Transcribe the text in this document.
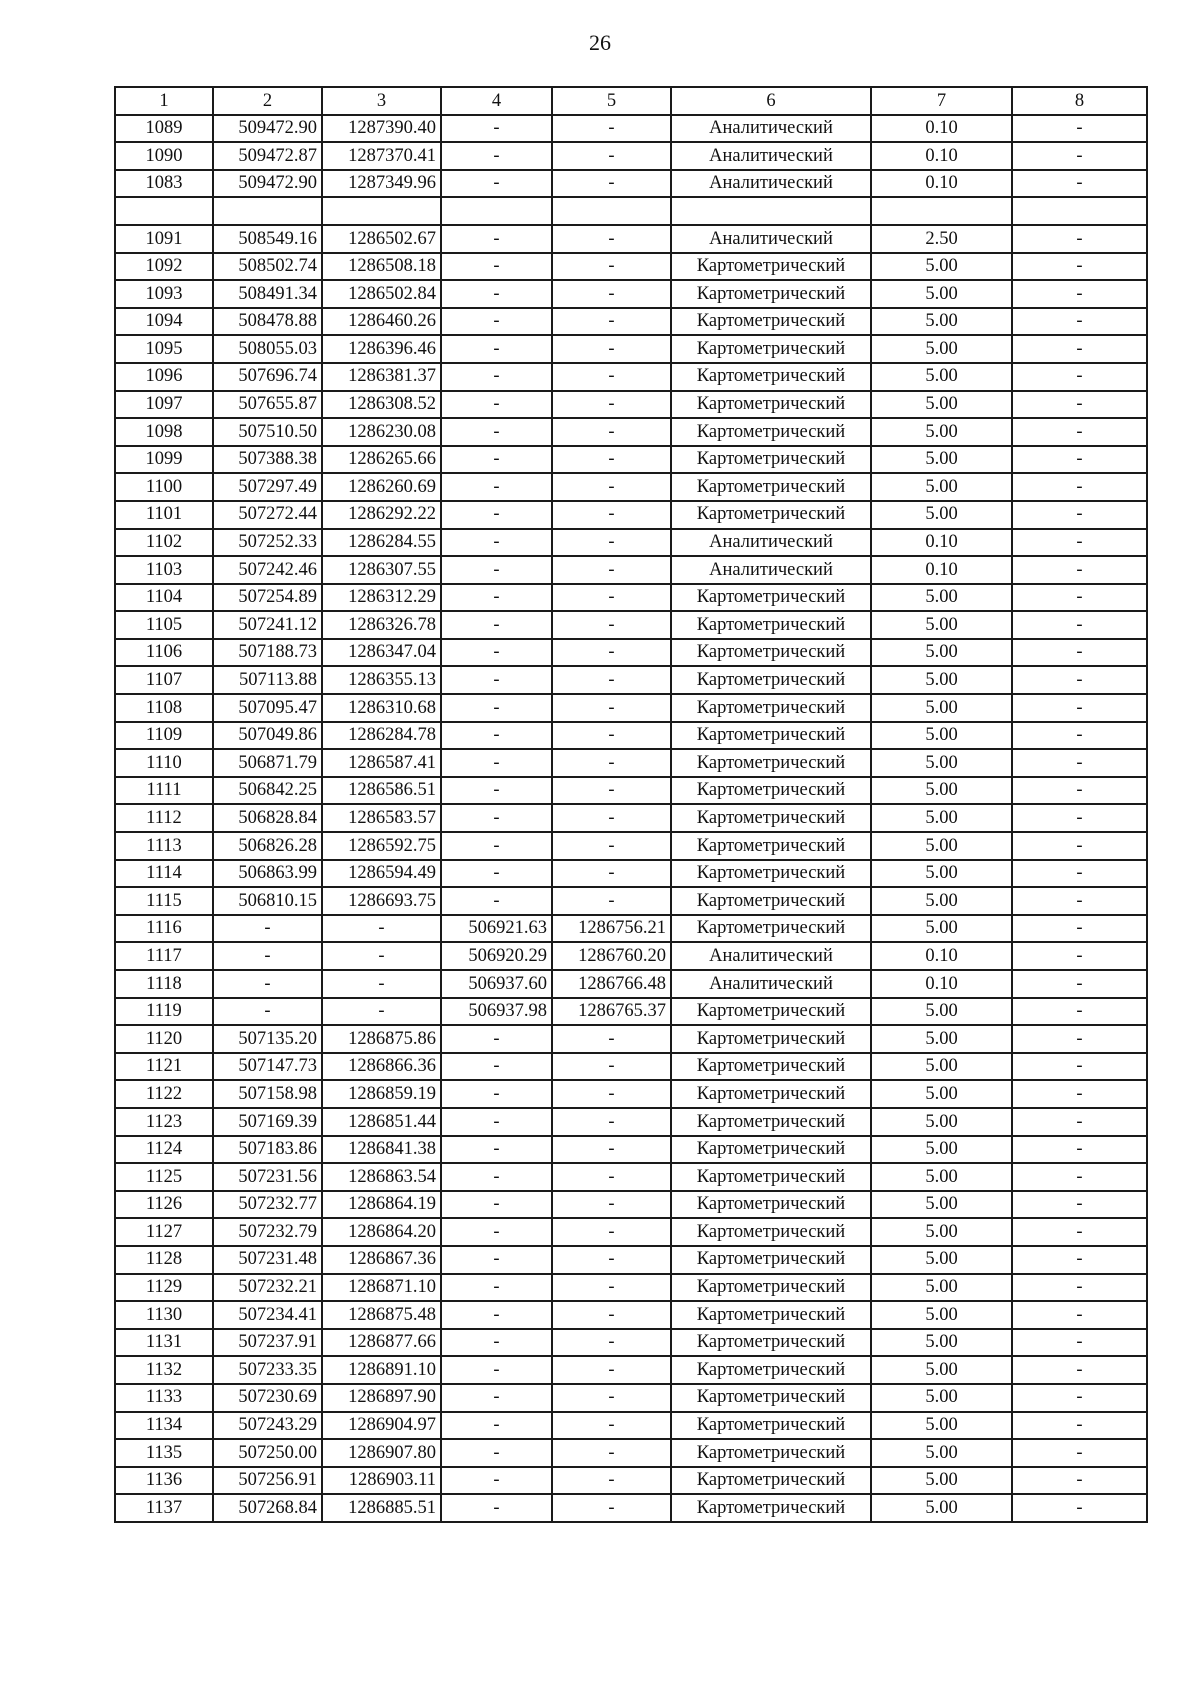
26
1	2	3	4	5	6	7	8
1089	509472.90	1287390.40	-	-	Аналитический	0.10	-
1090	509472.87	1287370.41	-	-	Аналитический	0.10	-
1083	509472.90	1287349.96	-	-	Аналитический	0.10	-

1091	508549.16	1286502.67	-	-	Аналитический	2.50	-
1092	508502.74	1286508.18	-	-	Картометрический	5.00	-
1093	508491.34	1286502.84	-	-	Картометрический	5.00	-
1094	508478.88	1286460.26	-	-	Картометрический	5.00	-
1095	508055.03	1286396.46	-	-	Картометрический	5.00	-
1096	507696.74	1286381.37	-	-	Картометрический	5.00	-
1097	507655.87	1286308.52	-	-	Картометрический	5.00	-
1098	507510.50	1286230.08	-	-	Картометрический	5.00	-
1099	507388.38	1286265.66	-	-	Картометрический	5.00	-
1100	507297.49	1286260.69	-	-	Картометрический	5.00	-
1101	507272.44	1286292.22	-	-	Картометрический	5.00	-
1102	507252.33	1286284.55	-	-	Аналитический	0.10	-
1103	507242.46	1286307.55	-	-	Аналитический	0.10	-
1104	507254.89	1286312.29	-	-	Картометрический	5.00	-
1105	507241.12	1286326.78	-	-	Картометрический	5.00	-
1106	507188.73	1286347.04	-	-	Картометрический	5.00	-
1107	507113.88	1286355.13	-	-	Картометрический	5.00	-
1108	507095.47	1286310.68	-	-	Картометрический	5.00	-
1109	507049.86	1286284.78	-	-	Картометрический	5.00	-
1110	506871.79	1286587.41	-	-	Картометрический	5.00	-
1111	506842.25	1286586.51	-	-	Картометрический	5.00	-
1112	506828.84	1286583.57	-	-	Картометрический	5.00	-
1113	506826.28	1286592.75	-	-	Картометрический	5.00	-
1114	506863.99	1286594.49	-	-	Картометрический	5.00	-
1115	506810.15	1286693.75	-	-	Картометрический	5.00	-
1116	-	-	506921.63	1286756.21	Картометрический	5.00	-
1117	-	-	506920.29	1286760.20	Аналитический	0.10	-
1118	-	-	506937.60	1286766.48	Аналитический	0.10	-
1119	-	-	506937.98	1286765.37	Картометрический	5.00	-
1120	507135.20	1286875.86	-	-	Картометрический	5.00	-
1121	507147.73	1286866.36	-	-	Картометрический	5.00	-
1122	507158.98	1286859.19	-	-	Картометрический	5.00	-
1123	507169.39	1286851.44	-	-	Картометрический	5.00	-
1124	507183.86	1286841.38	-	-	Картометрический	5.00	-
1125	507231.56	1286863.54	-	-	Картометрический	5.00	-
1126	507232.77	1286864.19	-	-	Картометрический	5.00	-
1127	507232.79	1286864.20	-	-	Картометрический	5.00	-
1128	507231.48	1286867.36	-	-	Картометрический	5.00	-
1129	507232.21	1286871.10	-	-	Картометрический	5.00	-
1130	507234.41	1286875.48	-	-	Картометрический	5.00	-
1131	507237.91	1286877.66	-	-	Картометрический	5.00	-
1132	507233.35	1286891.10	-	-	Картометрический	5.00	-
1133	507230.69	1286897.90	-	-	Картометрический	5.00	-
1134	507243.29	1286904.97	-	-	Картометрический	5.00	-
1135	507250.00	1286907.80	-	-	Картометрический	5.00	-
1136	507256.91	1286903.11	-	-	Картометрический	5.00	-
1137	507268.84	1286885.51	-	-	Картометрический	5.00	-
